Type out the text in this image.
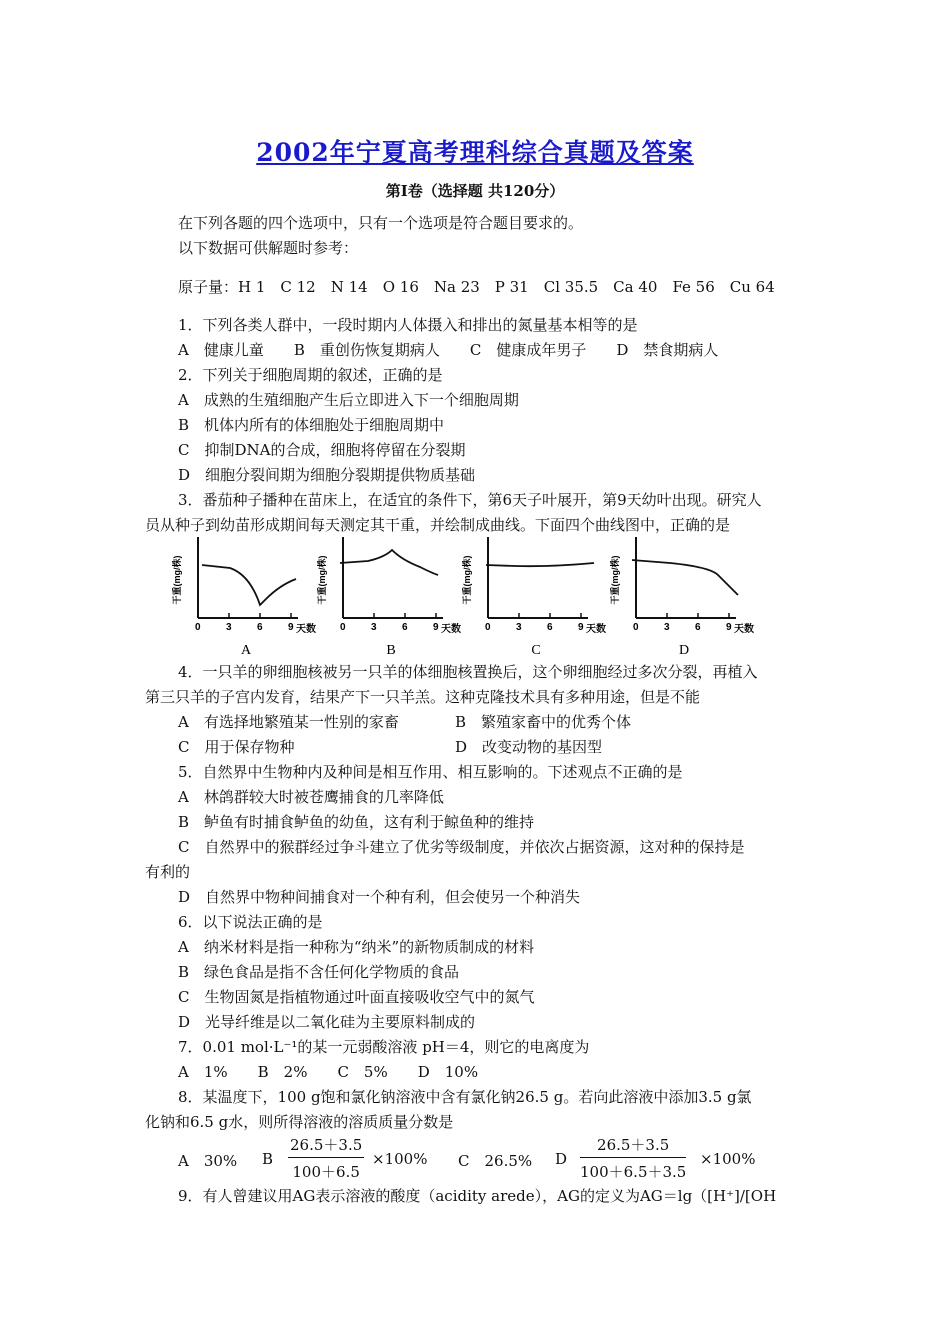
2002年宁夏高考理科综合真题及答案
第Ⅰ卷（选择题 共120分）
在下列各题的四个选项中，只有一个选项是符合题目要求的。
以下数据可供解题时参考：
原子量：H 1　C 12　N 14　O 16　Na 23　P 31　Cl 35.5　Ca 40　Fe 56　Cu 64
1．下列各类人群中，一段时期内人体摄入和排出的氮量基本相等的是
A　健康儿童　　B　重创伤恢复期病人　　C　健康成年男子　　D　禁食期病人
2．下列关于细胞周期的叙述，正确的是
A　成熟的生殖细胞产生后立即进入下一个细胞周期
B　机体内所有的体细胞处于细胞周期中
C　抑制DNA的合成，细胞将停留在分裂期
D　细胞分裂间期为细胞分裂期提供物质基础
3．番茄种子播种在苗床上，在适宜的条件下，第6天子叶展开，第9天幼叶出现。研究人
员从种子到幼苗形成期间每天测定其干重，并绘制成曲线。下面四个曲线图中，正确的是
干重(mg/株)
0	3	6	9 天数
A
干重(mg/株)
0	3	6	9 天数
B
干重(mg/株)
0	3	6	9 天数
C
干重(mg/株)
0	3	6	9 天数
D
4．一只羊的卵细胞核被另一只羊的体细胞核置换后，这个卵细胞经过多次分裂，再植入
第三只羊的子宫内发育，结果产下一只羊羔。这种克隆技术具有多种用途，但是不能
A　有选择地繁殖某一性别的家畜	B　繁殖家畜中的优秀个体
C　用于保存物种	D　改变动物的基因型
5．自然界中生物种内及种间是相互作用、相互影响的。下述观点不正确的是
A　林鸽群较大时被苍鹰捕食的几率降低
B　鲈鱼有时捕食鲈鱼的幼鱼，这有利于鲸鱼种的维持
C　自然界中的猴群经过争斗建立了优劣等级制度，并依次占据资源，这对种的保持是
有利的
D　自然界中物种间捕食对一个种有利，但会使另一个种消失
6．以下说法正确的是
A　纳米材料是指一种称为“纳米”的新物质制成的材料
B　绿色食品是指不含任何化学物质的食品
C　生物固氮是指植物通过叶面直接吸收空气中的氮气
D　光导纤维是以二氧化硅为主要原料制成的
7．0.01 mol·L⁻¹的某一元弱酸溶液 pH＝4，则它的电离度为
A　1%　　B　2%　　C　5%　　D　10%
8．某温度下，100 g饱和氯化钠溶液中含有氯化钠26.5 g。若向此溶液中添加3.5 g氯
化钠和6.5 g水，则所得溶液的溶质质量分数是
A　30% B $\frac{26.5+3.5}{100+6.5} \times 100\%$ C　26.5% D $\frac{26.5+3.5}{100+6.5+3.5} \times 100\%$
9．有人曾建议用AG表示溶液的酸度（acidity arede），AG的定义为AG＝lg（[H⁺]/[OH
